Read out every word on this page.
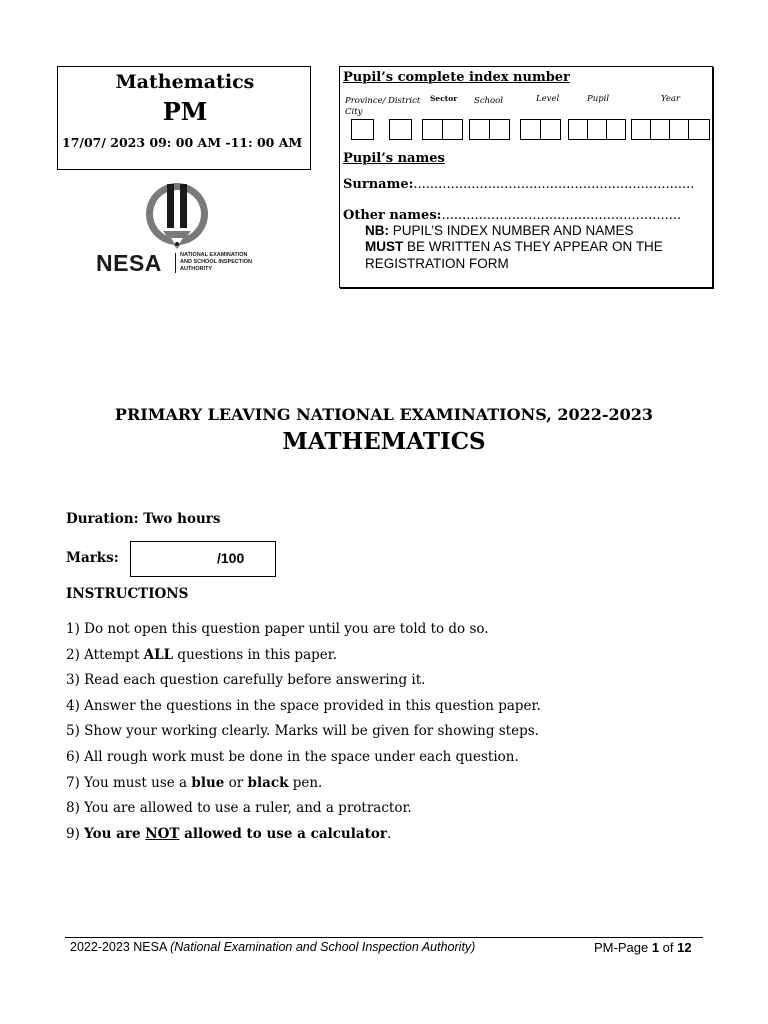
Mathematics
PM
17/07/ 2023 09: 00 AM -11: 00 AM
Pupil’s complete index number
Province/
City
District Sector School	Level	Pupil	Year
Pupil’s names
Surname:....................................................................
Other names:..........................................................
NB: PUPIL’S INDEX NUMBER AND NAMES
MUST BE WRITTEN AS THEY APPEAR ON THE
REGISTRATION FORM
NESA	NATIONAL EXAMINATION
AND SCHOOL INSPECTION
AUTHORITY
PRIMARY LEAVING NATIONAL EXAMINATIONS, 2022-2023
MATHEMATICS
Duration: Two hours
Marks:	/100
INSTRUCTIONS
1) Do not open this question paper until you are told to do so.
2) Attempt ALL questions in this paper.
3) Read each question carefully before answering it.
4) Answer the questions in the space provided in this question paper.
5) Show your working clearly. Marks will be given for showing steps.
6) All rough work must be done in the space under each question.
7) You must use a blue or black pen.
8) You are allowed to use a ruler, and a protractor.
9) You are NOT allowed to use a calculator.
2022-2023 NESA (National Examination and School Inspection Authority)	PM-Page 1 of 12
